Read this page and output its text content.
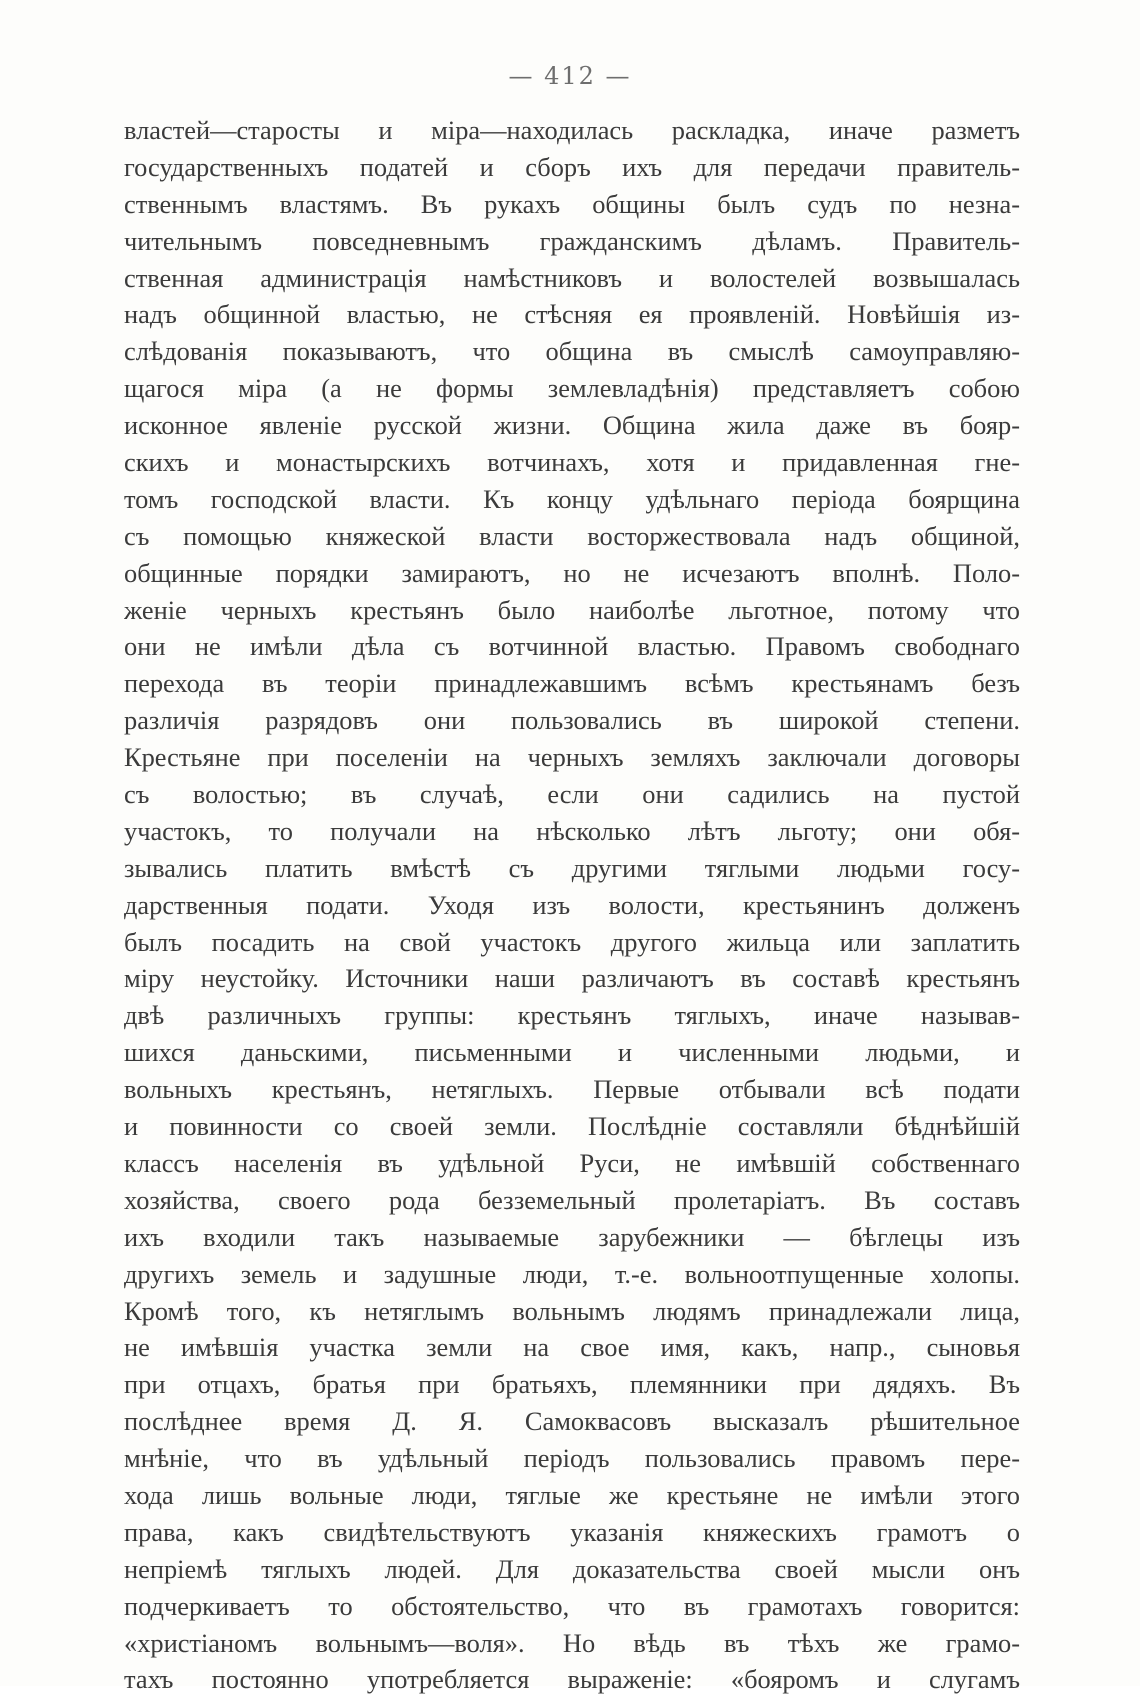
— 412 —
властей—старосты и міра—находилась раскладка, иначе разметъ
государственныхъ податей и сборъ ихъ для передачи правитель-
ственнымъ властямъ. Въ рукахъ общины былъ судъ по незна-
чительнымъ повседневнымъ гражданскимъ дѣламъ. Правитель-
ственная администрація намѣстниковъ и волостелей возвышалась
надъ общинной властью, не стѣсняя ея проявленій. Новѣйшія из-
слѣдованія показываютъ, что община въ смыслѣ самоуправляю-
щагося міра (а не формы землевладѣнія) представляетъ собою
исконное явленіе русской жизни. Община жила даже въ бояр-
скихъ и монастырскихъ вотчинахъ, хотя и придавленная гне-
томъ господской власти. Къ концу удѣльнаго періода боярщина
съ помощью княжеской власти восторжествовала надъ общиной,
общинные порядки замираютъ, но не исчезаютъ вполнѣ. Поло-
женіе черныхъ крестьянъ было наиболѣе льготное, потому что
они не имѣли дѣла съ вотчинной властью. Правомъ свободнаго
перехода въ теоріи принадлежавшимъ всѣмъ крестьянамъ безъ
различія разрядовъ они пользовались въ широкой степени.
Крестьяне при поселеніи на черныхъ земляхъ заключали договоры
съ волостью; въ случаѣ, если они садились на пустой
участокъ, то получали на нѣсколько лѣтъ льготу; они обя-
зывались платить вмѣстѣ съ другими тяглыми людьми госу-
дарственныя подати. Уходя изъ волости, крестьянинъ долженъ
былъ посадить на свой участокъ другого жильца или заплатить
міру неустойку. Источники наши различаютъ въ составѣ крестьянъ
двѣ различныхъ группы: крестьянъ тяглыхъ, иначе называв-
шихся даньскими, письменными и численными людьми, и
вольныхъ крестьянъ, нетяглыхъ. Первые отбывали всѣ подати
и повинности со своей земли. Послѣдніе составляли бѣднѣйшій
классъ населенія въ удѣльной Руси, не имѣвшій собственнаго
хозяйства, своего рода безземельный пролетаріатъ. Въ составъ
ихъ входили такъ называемые зарубежники — бѣглецы изъ
другихъ земель и задушные люди, т.-е. вольноотпущенные холопы.
Кромѣ того, къ нетяглымъ вольнымъ людямъ принадлежали лица,
не имѣвшія участка земли на свое имя, какъ, напр., сыновья
при отцахъ, братья при братьяхъ, племянники при дядяхъ. Въ
послѣднее время Д. Я. Самоквасовъ высказалъ рѣшительное
мнѣніе, что въ удѣльный періодъ пользовались правомъ пере-
хода лишь вольные люди, тяглые же крестьяне не имѣли этого
права, какъ свидѣтельствуютъ указанія княжескихъ грамотъ о
непріемѣ тяглыхъ людей. Для доказательства своей мысли онъ
подчеркиваетъ то обстоятельство, что въ грамотахъ говорится:
«христіаномъ вольнымъ—воля». Но вѣдь въ тѣхъ же грамо-
тахъ постоянно употребляется выраженіе: «бояромъ и слугамъ
